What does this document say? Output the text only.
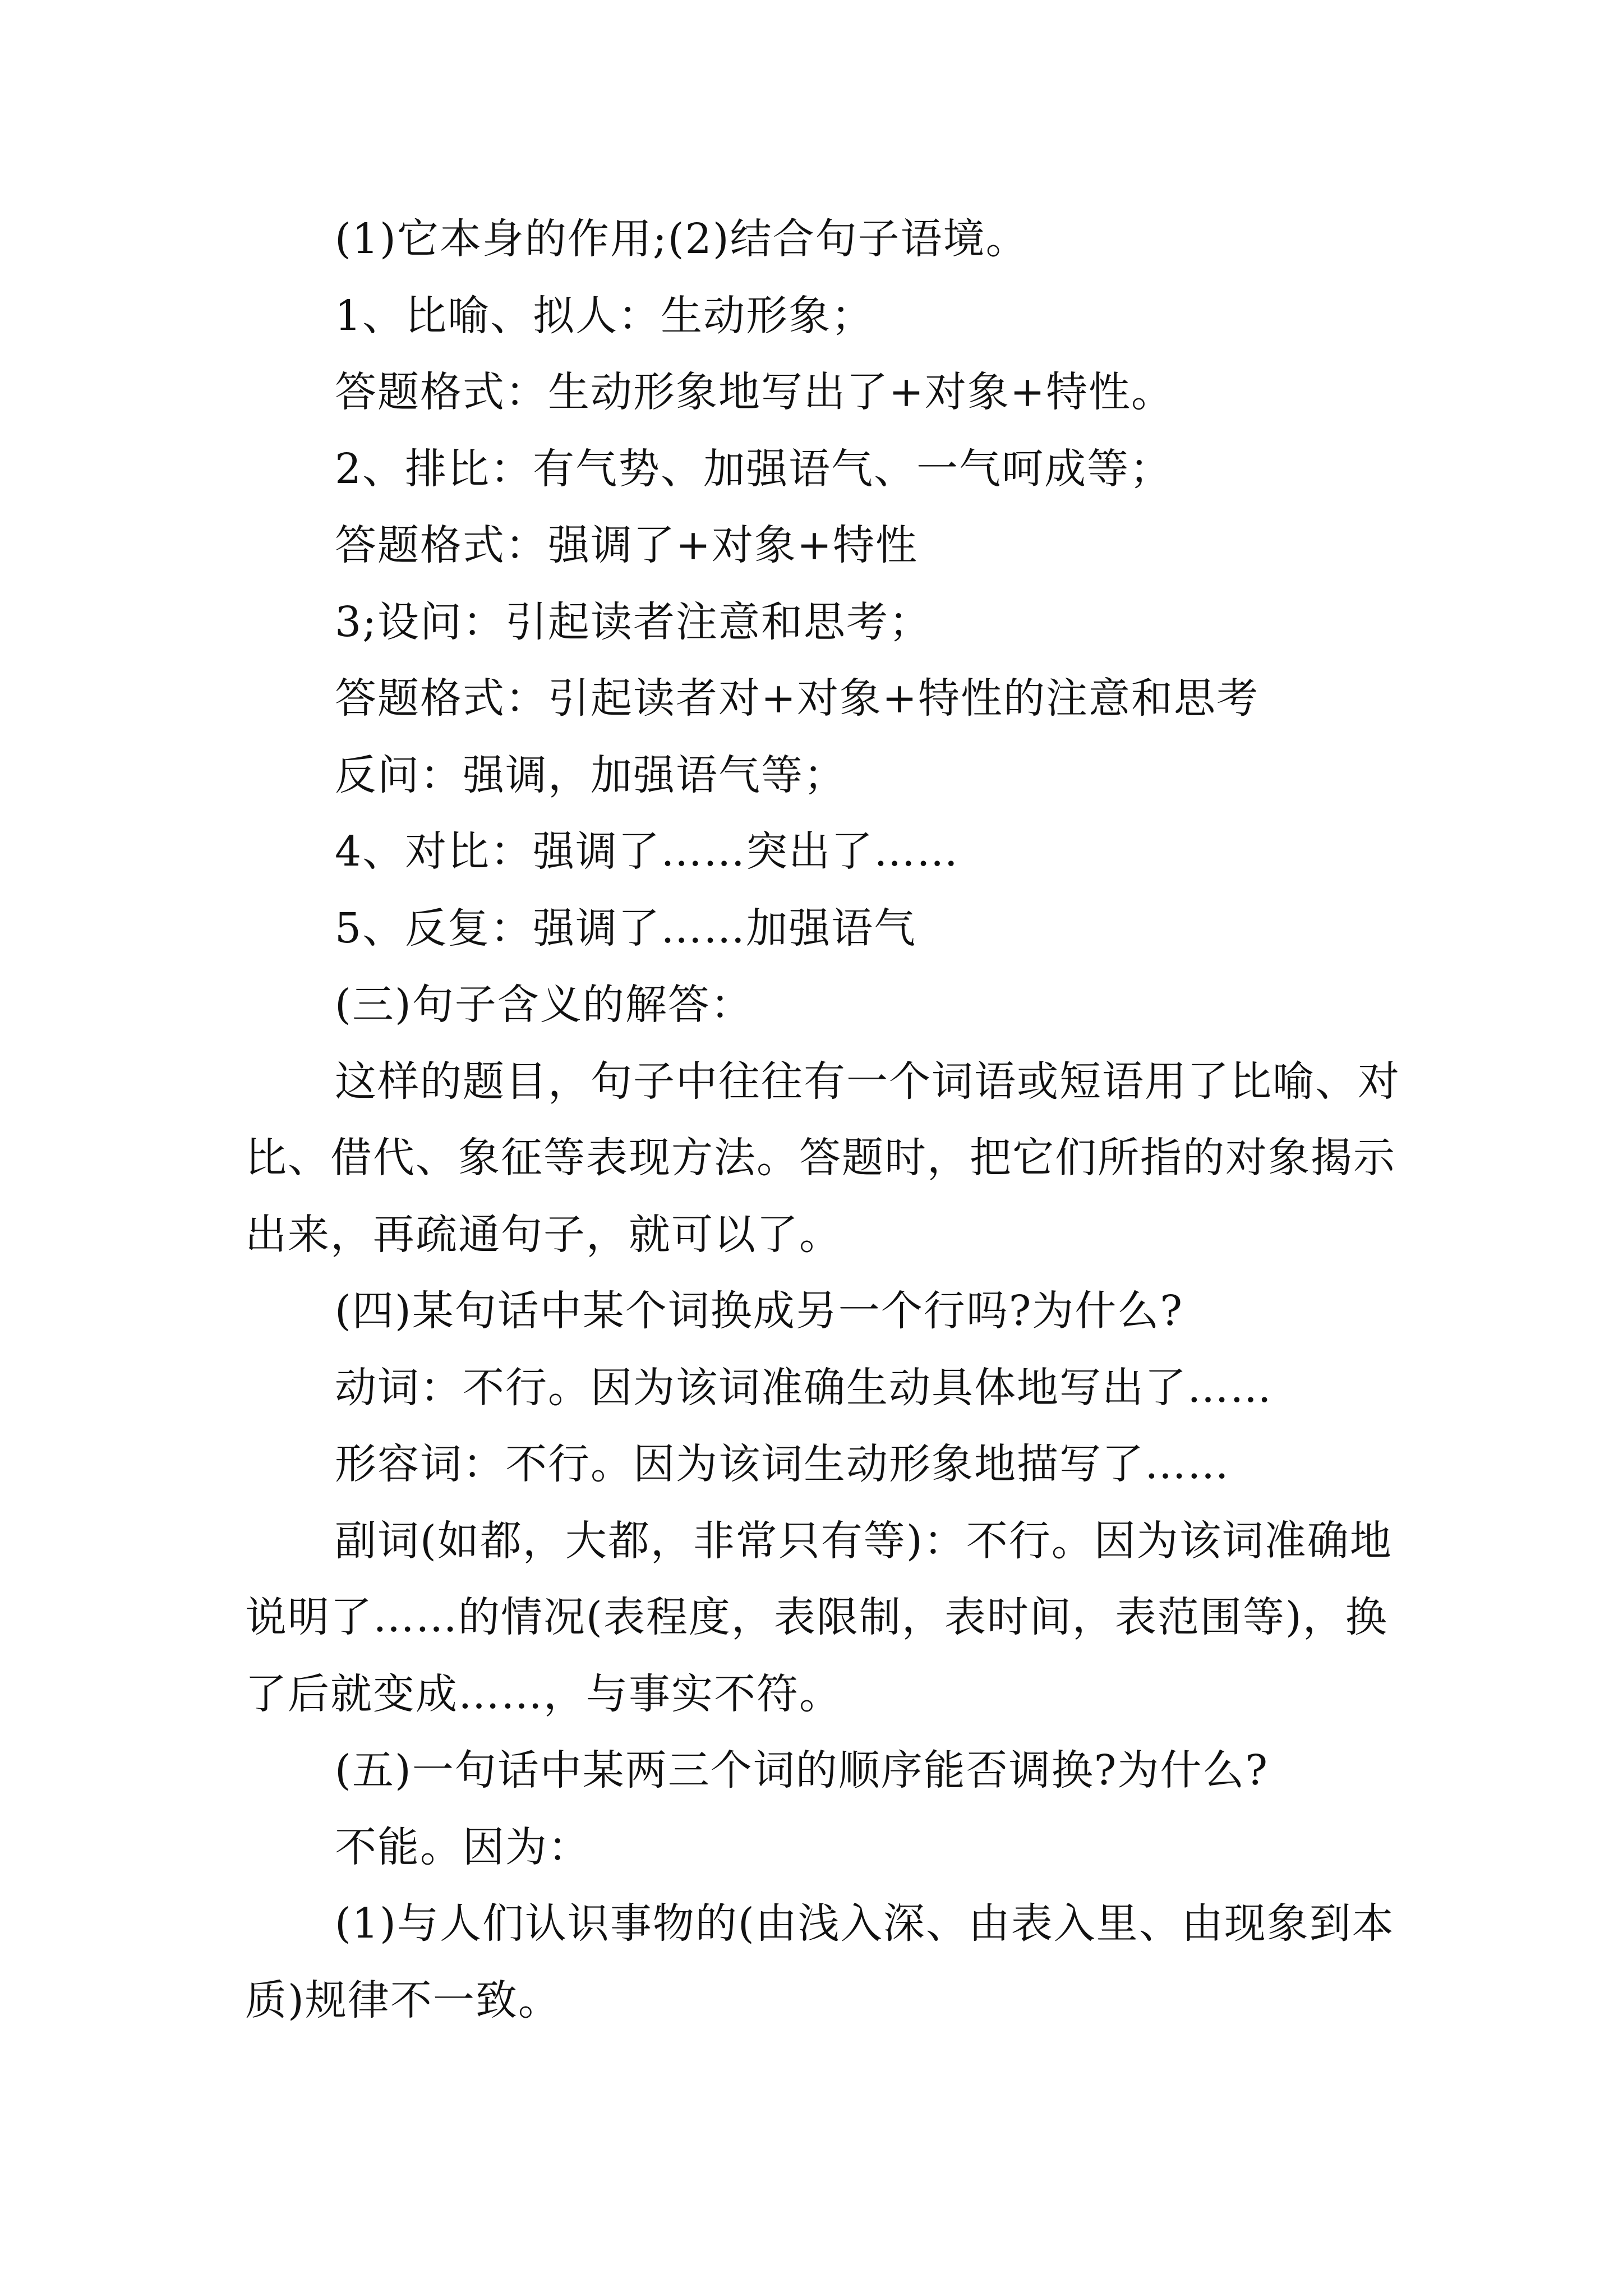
(1)它本身的作用;(2)结合句子语境。

1、比喻、拟人：生动形象；

答题格式：生动形象地写出了+对象+特性。

2、排比：有气势、加强语气、一气呵成等；

答题格式：强调了+对象+特性

3;设问：引起读者注意和思考；

答题格式：引起读者对+对象+特性的注意和思考

反问：强调，加强语气等；

4、对比：强调了……突出了……

5、反复：强调了……加强语气

(三)句子含义的解答：

这样的题目，句子中往往有一个词语或短语用了比喻、对比、借代、象征等表现方法。答题时，把它们所指的对象揭示出来，再疏通句子，就可以了。

(四)某句话中某个词换成另一个行吗?为什么?

动词：不行。因为该词准确生动具体地写出了……

形容词：不行。因为该词生动形象地描写了……

副词(如都，大都，非常只有等)：不行。因为该词准确地说明了……的情况(表程度，表限制，表时间，表范围等)，换了后就变成……，与事实不符。

(五)一句话中某两三个词的顺序能否调换?为什么?

不能。因为：

(1)与人们认识事物的(由浅入深、由表入里、由现象到本质)规律不一致。
